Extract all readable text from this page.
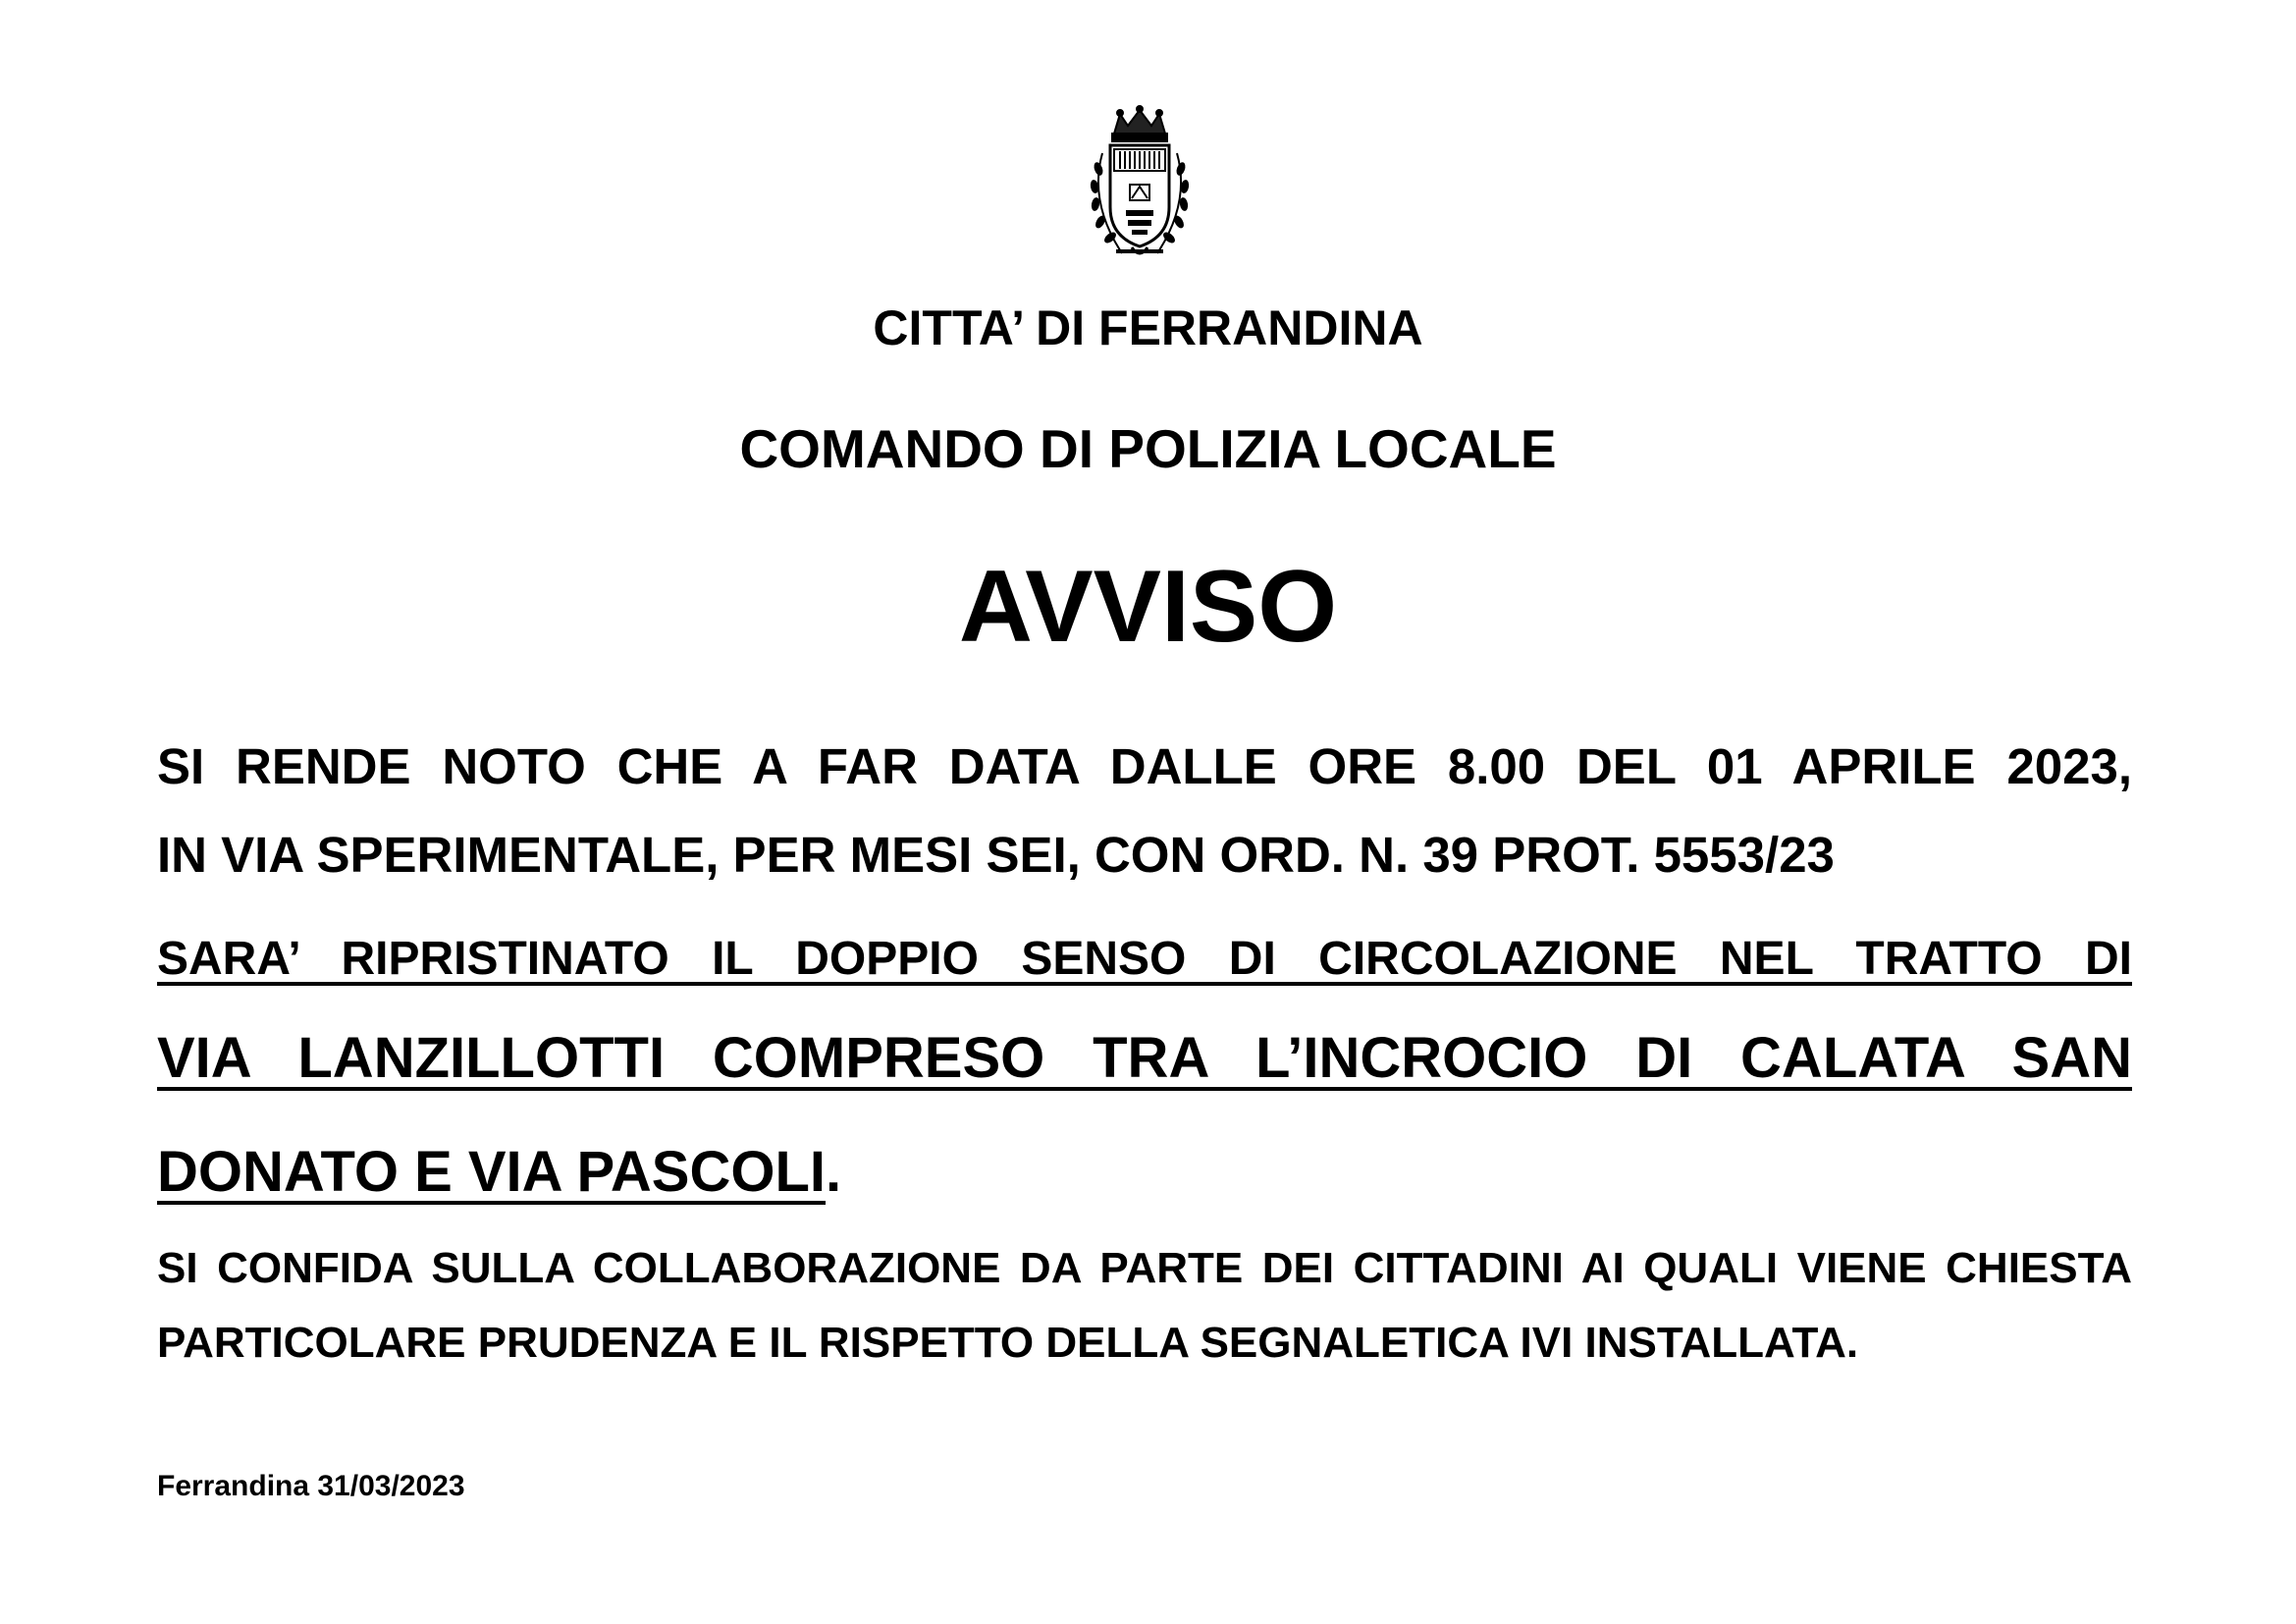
CITTA’ DI FERRANDINA
COMANDO DI POLIZIA LOCALE
AVVISO
SI RENDE NOTO CHE A FAR DATA DALLE ORE 8.00 DEL 01 APRILE 2023,
IN VIA SPERIMENTALE, PER MESI SEI, CON ORD. N. 39 PROT. 5553/23
SARA’ RIPRISTINATO IL DOPPIO SENSO DI CIRCOLAZIONE NEL TRATTO DI
VIA LANZILLOTTI COMPRESO TRA L’INCROCIO DI CALATA SAN
DONATO E VIA PASCOLI.
SI CONFIDA SULLA COLLABORAZIONE DA PARTE DEI CITTADINI AI QUALI VIENE CHIESTA
PARTICOLARE PRUDENZA E IL RISPETTO DELLA SEGNALETICA IVI INSTALLATA.
Ferrandina 31/03/2023
